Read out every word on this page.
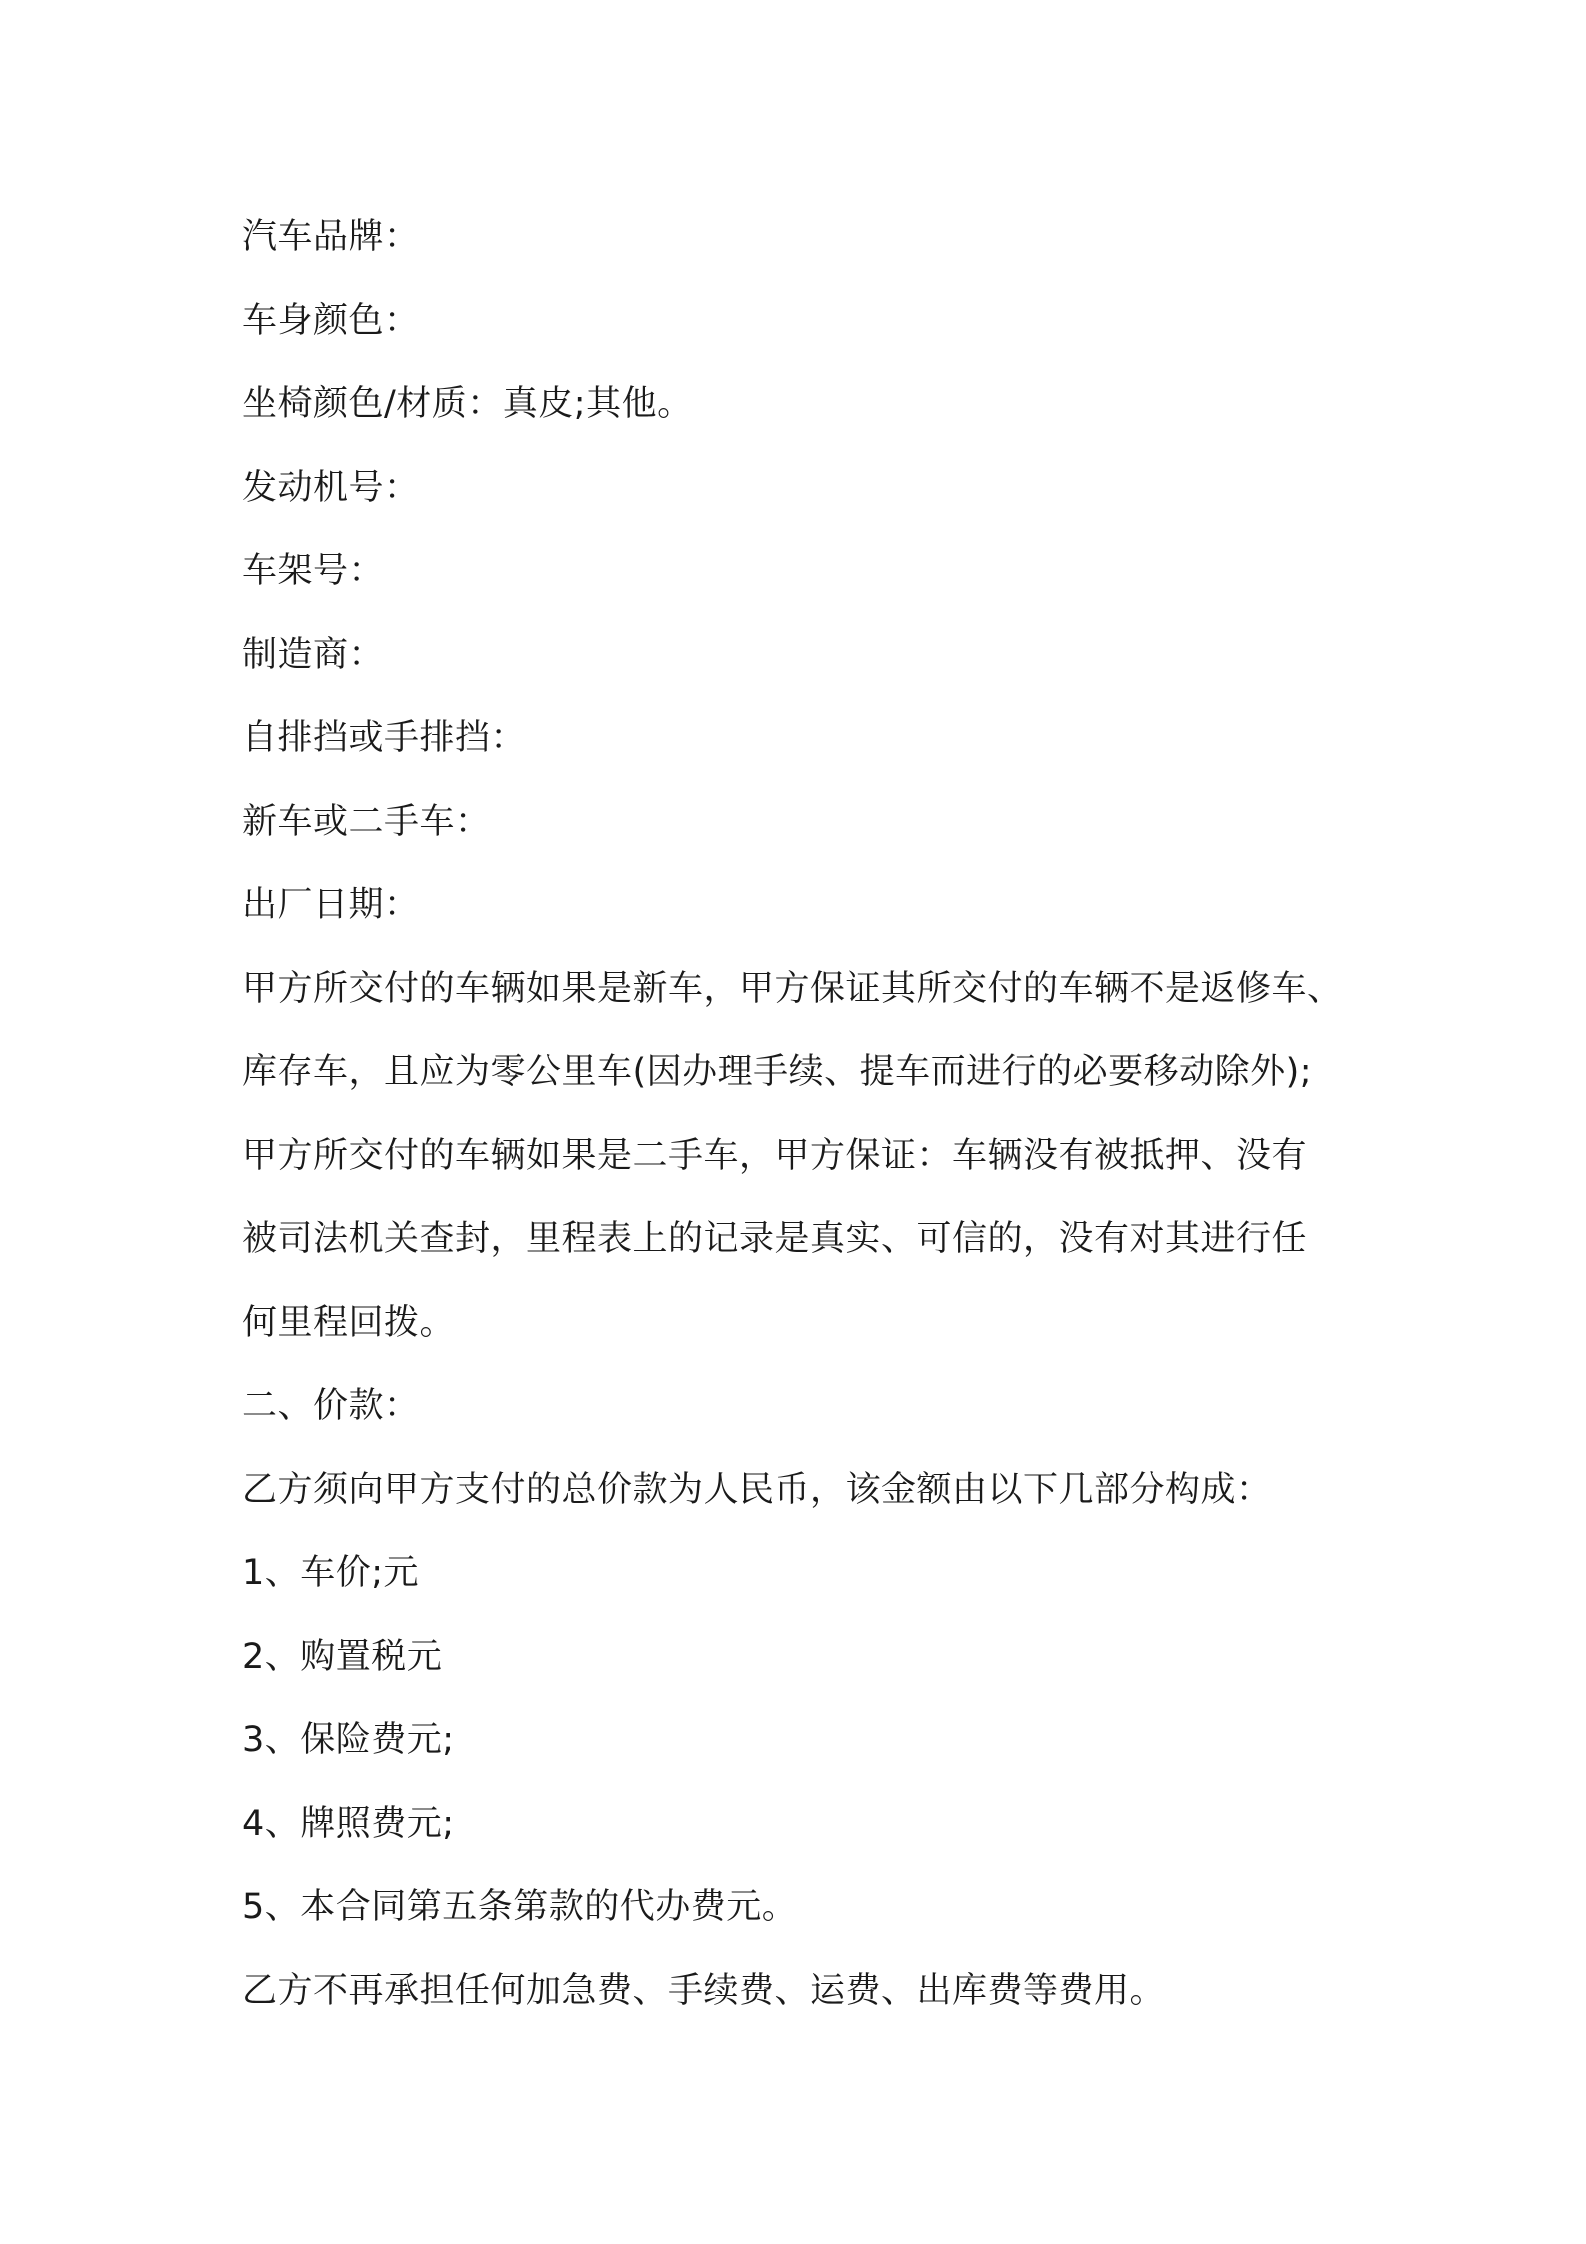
汽车品牌：
车身颜色：
坐椅颜色/材质：真皮;其他。
发动机号：
车架号：
制造商：
自排挡或手排挡：
新车或二手车：
出厂日期：
甲方所交付的车辆如果是新车，甲方保证其所交付的车辆不是返修车、
库存车，且应为零公里车(因办理手续、提车而进行的必要移动除外);
甲方所交付的车辆如果是二手车，甲方保证：车辆没有被抵押、没有
被司法机关查封，里程表上的记录是真实、可信的，没有对其进行任
何里程回拨。
二、价款：
乙方须向甲方支付的总价款为人民币，该金额由以下几部分构成：
1、车价;元
2、购置税元
3、保险费元;
4、牌照费元;
5、本合同第五条第款的代办费元。
乙方不再承担任何加急费、手续费、运费、出库费等费用。
